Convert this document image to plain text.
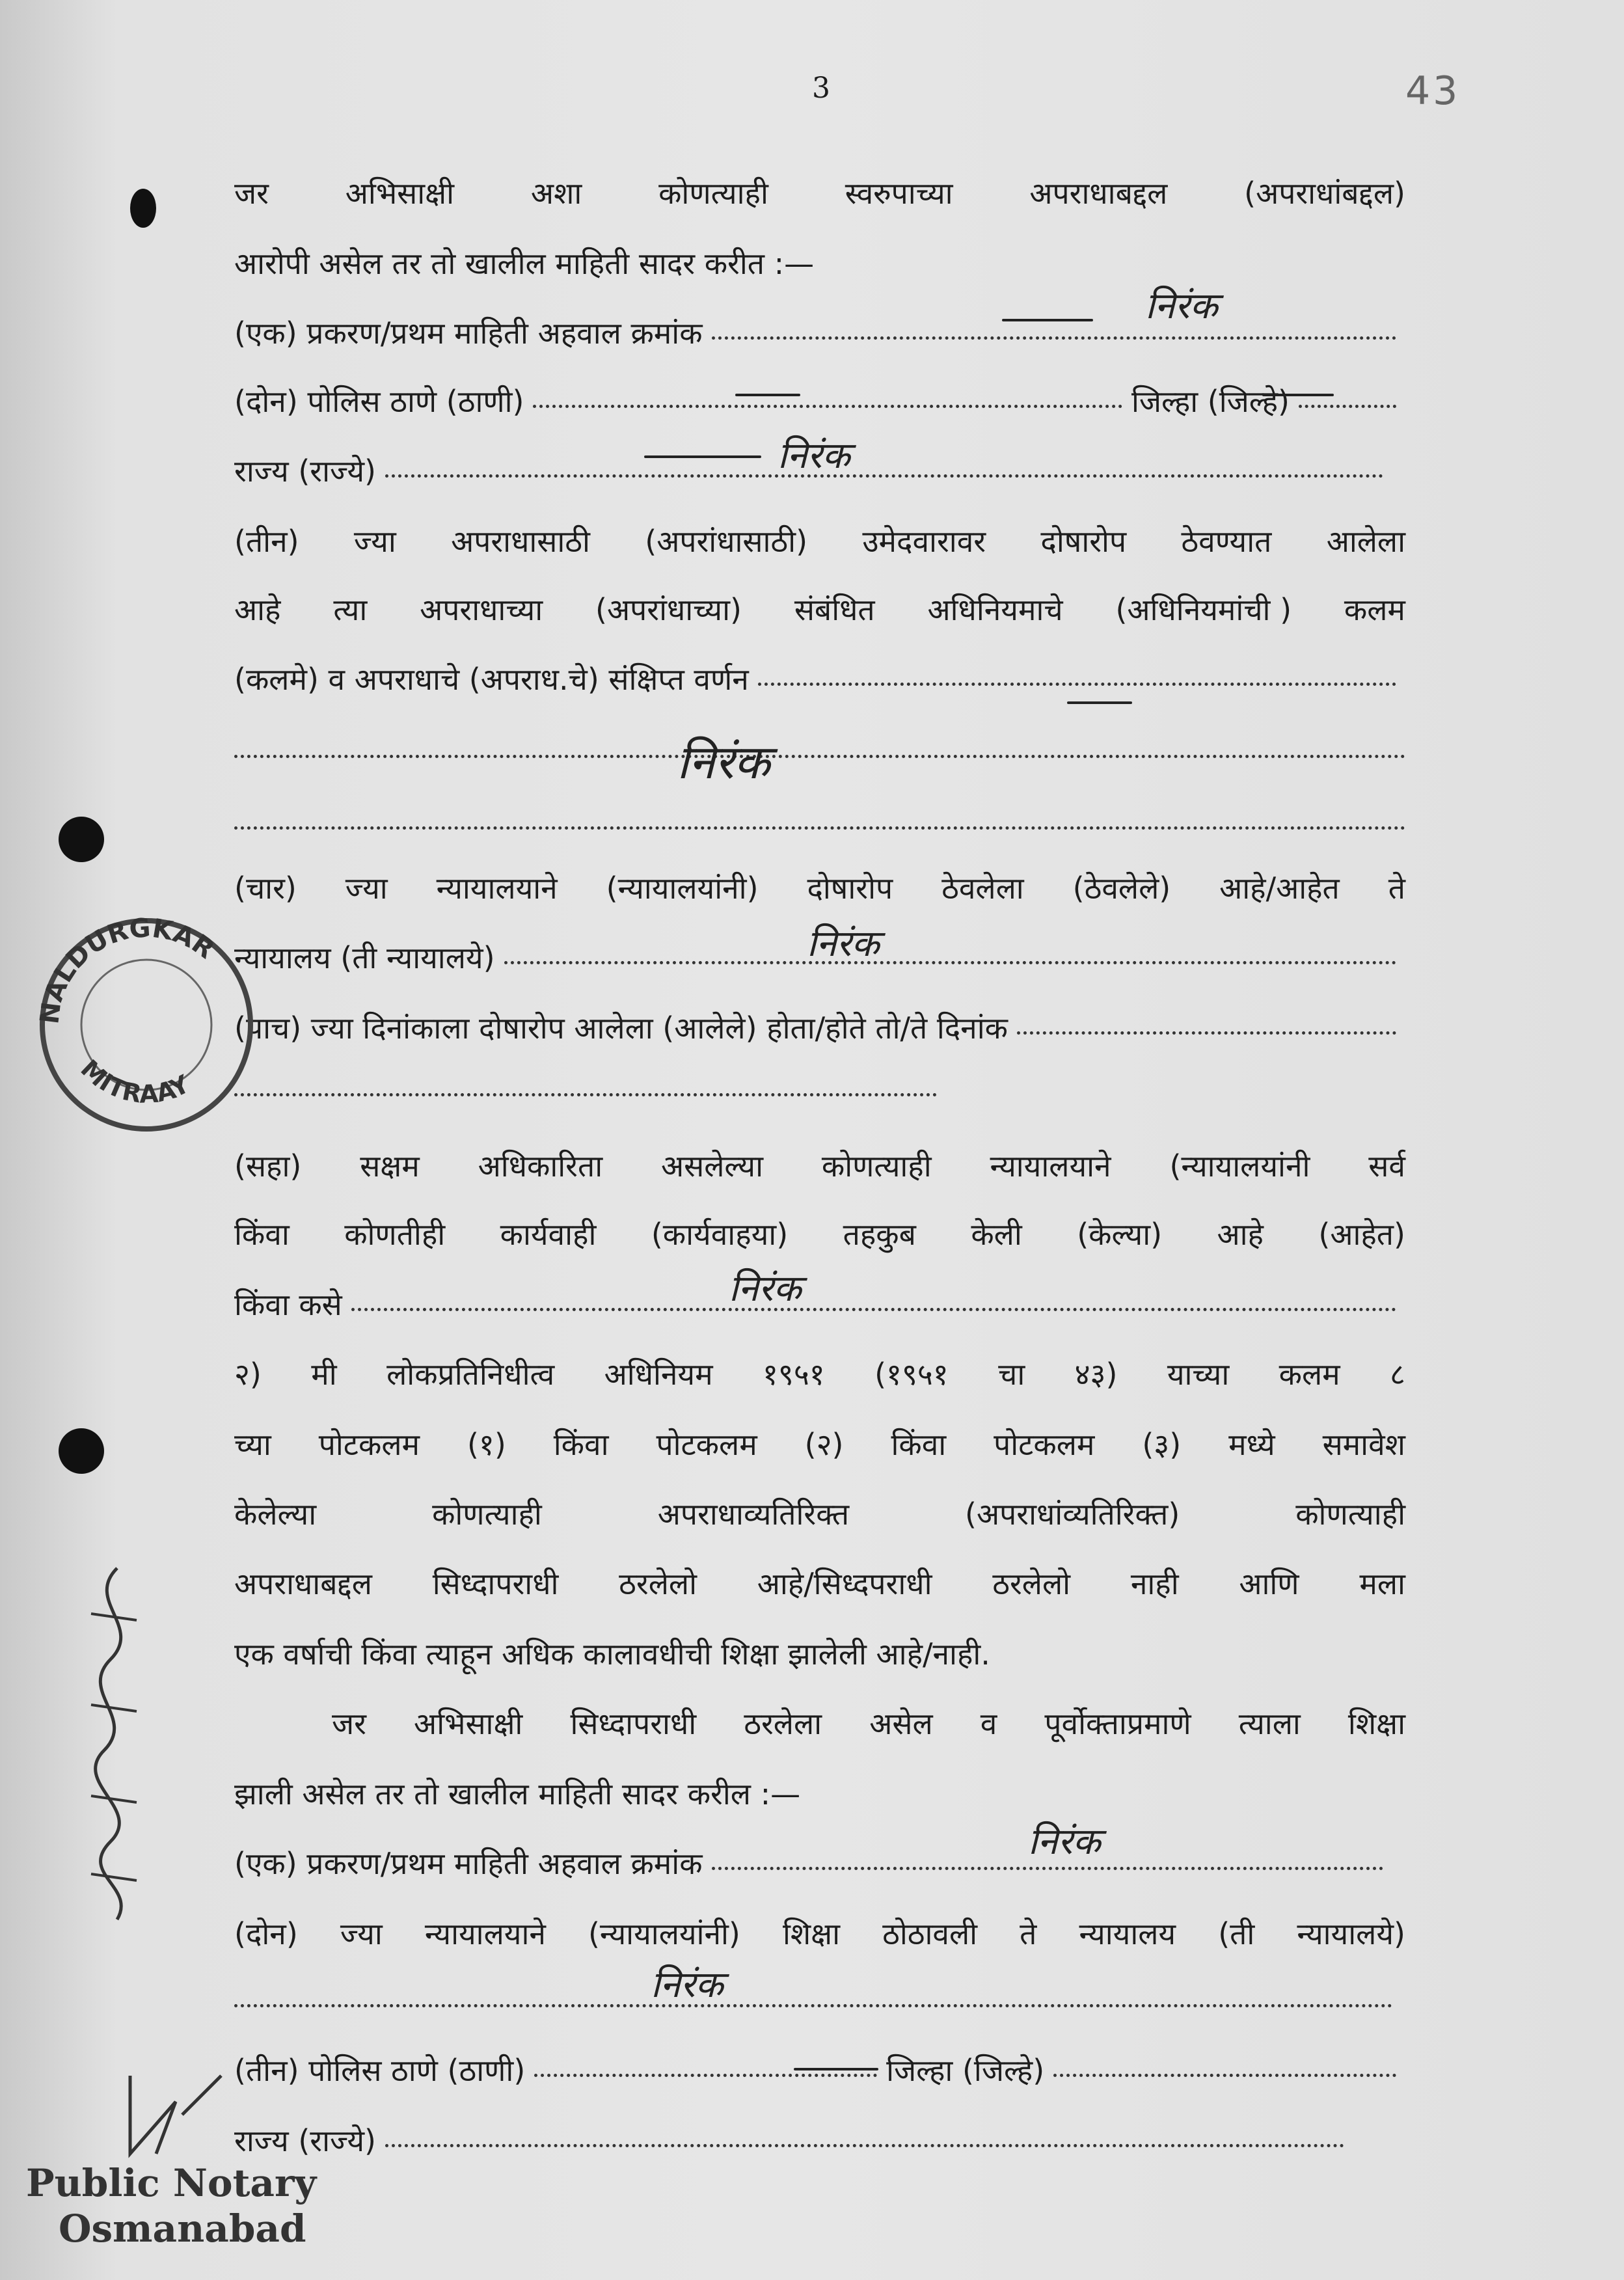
3	43
जर	अभिसाक्षी	अशा	कोणत्याही	स्वरुपाच्या	अपराधाबद्दल	(अपराधांबद्दल)
आरोपी असेल तर तो खालील माहिती सादर करीत :—
(एक) प्रकरण/प्रथम माहिती अहवाल क्रमांक
निरंक
(दोन) पोलिस ठाणे (ठाणी)	जिल्हा (जिल्हे)
राज्य (राज्ये)	निरंक
(तीन) ज्या अपराधासाठी (अपरांधासाठी) उमेदवारावर दोषारोप ठेवण्यात आलेला
आहे त्या अपराधाच्या (अपरांधाच्या) संबंधित अधिनियमाचे (अधिनियमांची ) कलम
(कलमे) व अपराधाचे (अपराध.चे) संक्षिप्त वर्णन
निरंक
(चार) ज्या न्यायालयाने (न्यायालयांनी) दोषारोप ठेवलेला (ठेवलेले) आहे/आहेत ते
न्यायालय (ती न्यायालये)	निरंक
(पाच) ज्या दिनांकाला दोषारोप आलेला (आलेले) होता/होते तो/ते दिनांक
(सहा) सक्षम अधिकारिता असलेल्या कोणत्याही न्यायालयाने (न्यायालयांनी सर्व
किंवा कोणतीही कार्यवाही (कार्यवाहया) तहकुब केली (केल्या) आहे (आहेत)
किंवा कसे	निरंक
२) मी लोकप्रतिनिधीत्व अधिनियम १९५१ (१९५१ चा ४३) याच्या कलम ८
च्या पोटकलम (१) किंवा पोटकलम (२) किंवा पोटकलम (३) मध्ये समावेश
केलेल्या	कोणत्याही	अपराधाव्यतिरिक्त	(अपराधांव्यतिरिक्त)	कोणत्याही
अपराधाबद्दल सिध्दापराधी ठरलेलो आहे/सिध्दपराधी ठरलेलो नाही आणि मला
एक वर्षाची किंवा त्याहून अधिक कालावधीची शिक्षा झालेली आहे/नाही.
जर अभिसाक्षी सिध्दापराधी ठरलेला असेल व पूर्वोक्ताप्रमाणे त्याला शिक्षा
झाली असेल तर तो खालील माहिती सादर करील :—
(एक) प्रकरण/प्रथम माहिती अहवाल क्रमांक
निरंक
(दोन) ज्या न्यायालयाने (न्यायालयांनी) शिक्षा ठोठावली ते न्यायालय (ती न्यायालये)
निरंक
(तीन) पोलिस ठाणे (ठाणी)	जिल्हा (जिल्हे)
राज्य (राज्ये)
NALDURGKAR
MITRAAY
Public Notary
Osmanabad
